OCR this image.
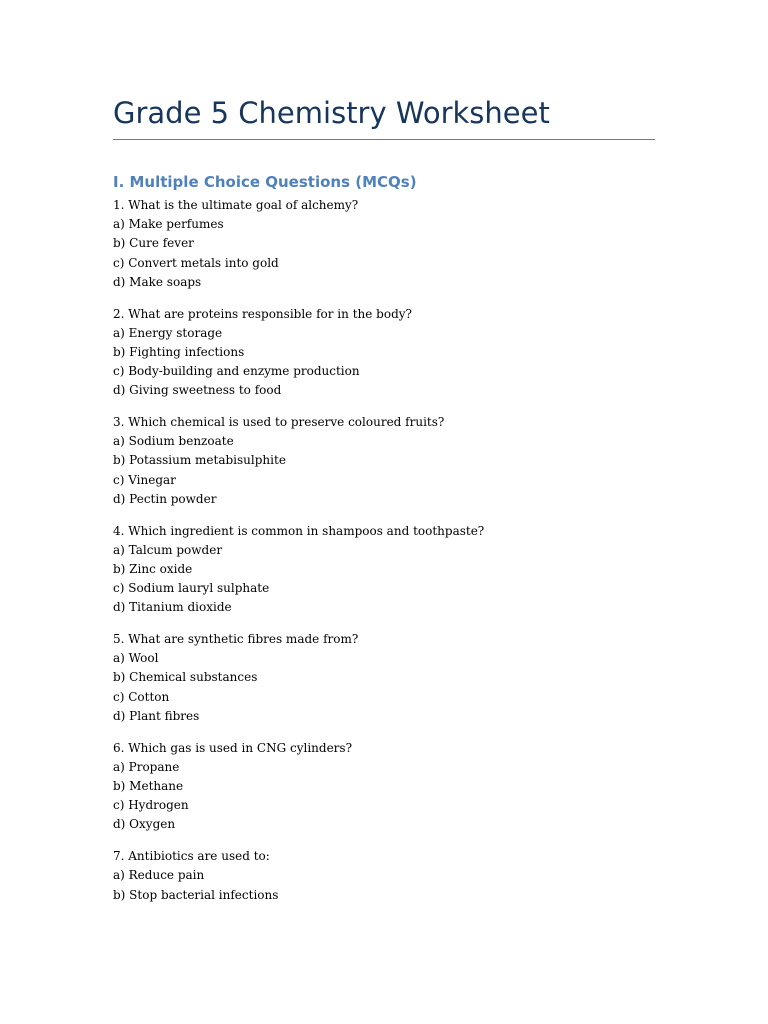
Grade 5 Chemistry Worksheet
I. Multiple Choice Questions (MCQs)
1. What is the ultimate goal of alchemy?
a) Make perfumes
b) Cure fever
c) Convert metals into gold
d) Make soaps
2. What are proteins responsible for in the body?
a) Energy storage
b) Fighting infections
c) Body-building and enzyme production
d) Giving sweetness to food
3. Which chemical is used to preserve coloured fruits?
a) Sodium benzoate
b) Potassium metabisulphite
c) Vinegar
d) Pectin powder
4. Which ingredient is common in shampoos and toothpaste?
a) Talcum powder
b) Zinc oxide
c) Sodium lauryl sulphate
d) Titanium dioxide
5. What are synthetic fibres made from?
a) Wool
b) Chemical substances
c) Cotton
d) Plant fibres
6. Which gas is used in CNG cylinders?
a) Propane
b) Methane
c) Hydrogen
d) Oxygen
7. Antibiotics are used to:
a) Reduce pain
b) Stop bacterial infections
